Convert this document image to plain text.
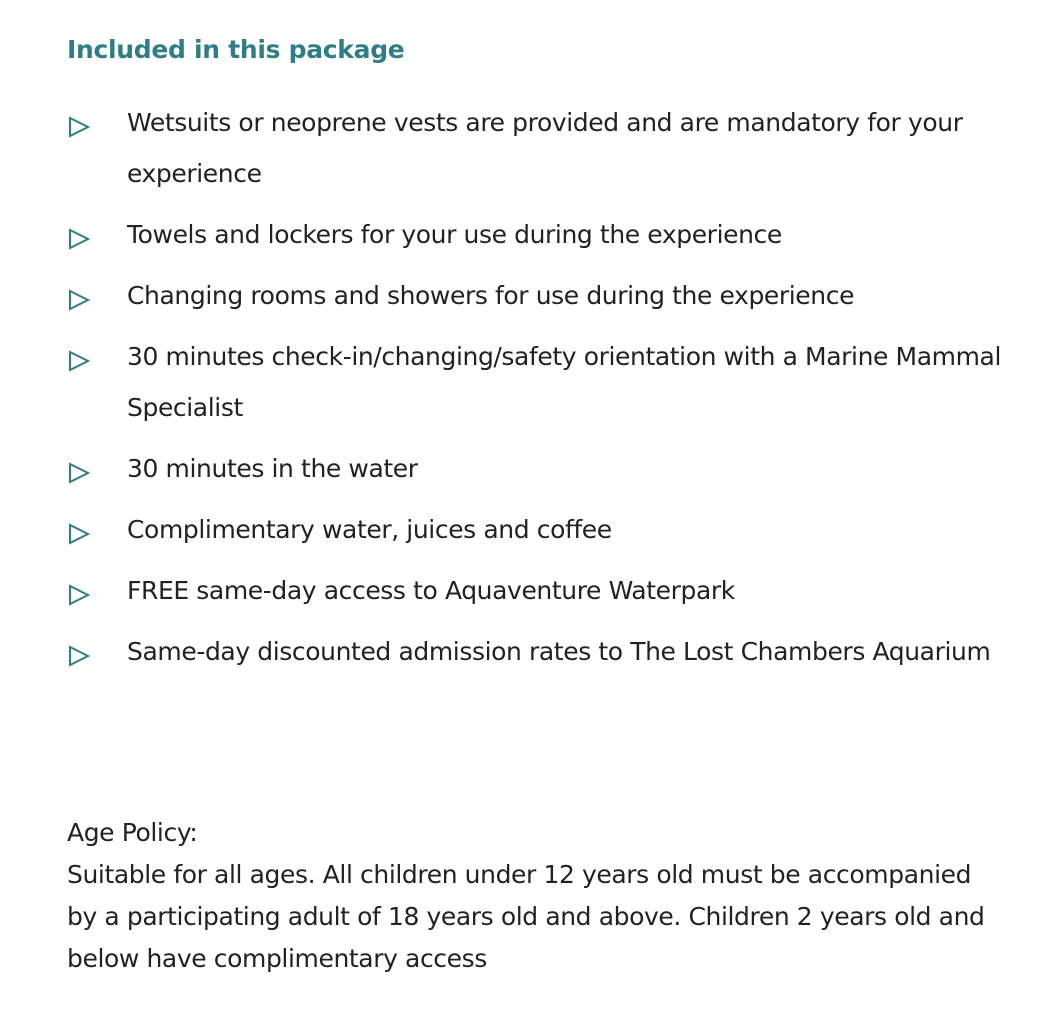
Included in this package
Wetsuits or neoprene vests are provided and are mandatory for your experience
Towels and lockers for your use during the experience
Changing rooms and showers for use during the experience
30 minutes check-in/changing/safety orientation with a Marine Mammal Specialist
30 minutes in the water
Complimentary water, juices and coffee
FREE same-day access to Aquaventure Waterpark
Same-day discounted admission rates to The Lost Chambers Aquarium
Age Policy:
Suitable for all ages. All children under 12 years old must be accompanied by a participating adult of 18 years old and above. Children 2 years old and below have complimentary access
